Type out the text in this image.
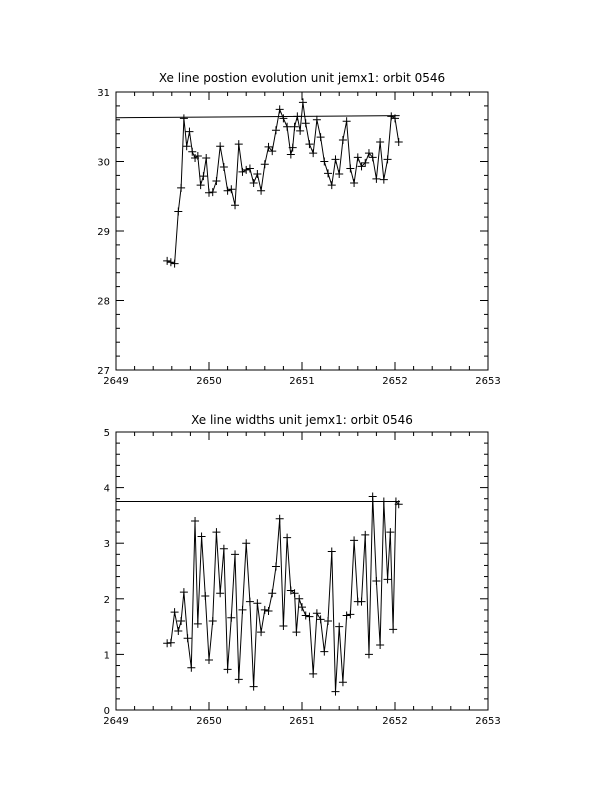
Xe line postion evolution unit jemx1: orbit 0546
2649	2650	2651	2652	2653
27
28
29
30
31
Xe line widths unit jemx1: orbit 0546
2649	2650	2651	2652	2653
0
1
2
3
4
5
